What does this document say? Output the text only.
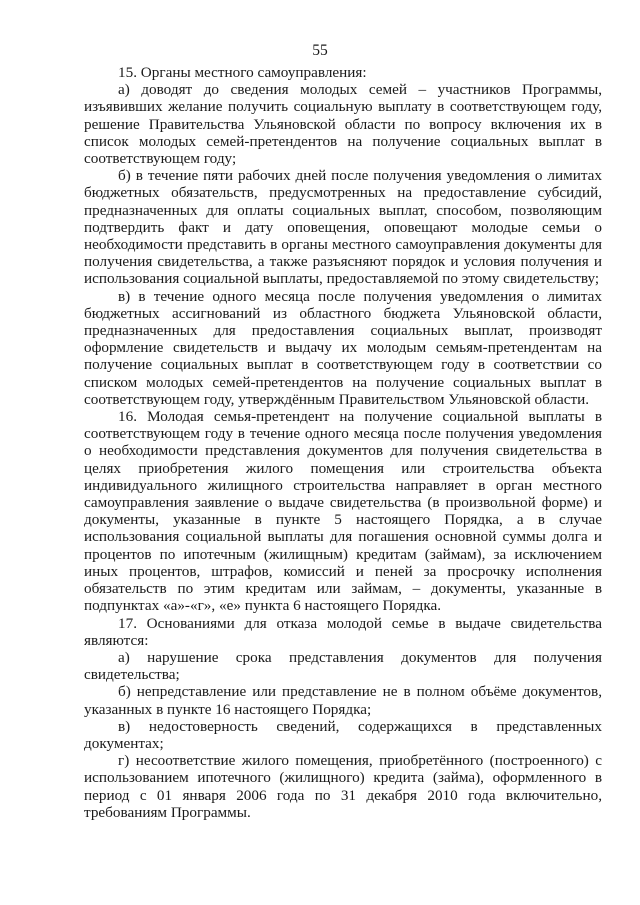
55

15. Органы местного самоуправления:

а) доводят до сведения молодых семей – участников Программы, изъявивших желание получить социальную выплату в соответствующем году, решение Правительства Ульяновской области по вопросу включения их в список молодых семей-претендентов на получение социальных выплат в соответствующем году;

б) в течение пяти рабочих дней после получения уведомления о лимитах бюджетных обязательств, предусмотренных на предоставление субсидий, предназначенных для оплаты социальных выплат, способом, позволяющим подтвердить факт и дату оповещения, оповещают молодые семьи о необходимости представить в органы местного самоуправления документы для получения свидетельства, а также разъясняют порядок и условия получения и использования социальной выплаты, предоставляемой по этому свидетельству;

в) в течение одного месяца после получения уведомления о лимитах бюджетных ассигнований из областного бюджета Ульяновской области, предназначенных для предоставления социальных выплат, производят оформление свидетельств и выдачу их молодым семьям-претендентам на получение социальных выплат в соответствующем году в соответствии со списком молодых семей-претендентов на получение социальных выплат в соответствующем году, утверждённым Правительством Ульяновской области.

16. Молодая семья-претендент на получение социальной выплаты в соответствующем году в течение одного месяца после получения уведомления о необходимости представления документов для получения свидетельства в целях приобретения жилого помещения или строительства объекта индивидуального жилищного строительства направляет в орган местного самоуправления заявление о выдаче свидетельства (в произвольной форме) и документы, указанные в пункте 5 настоящего Порядка, а в случае использования социальной выплаты для погашения основной суммы долга и процентов по ипотечным (жилищным) кредитам (займам), за исключением иных процентов, штрафов, комиссий и пеней за просрочку исполнения обязательств по этим кредитам или займам, – документы, указанные в подпунктах «а»-«г», «е» пункта 6 настоящего Порядка.

17. Основаниями для отказа молодой семье в выдаче свидетельства являются:

а) нарушение срока представления документов для получения свидетельства;

б) непредставление или представление не в полном объёме документов, указанных в пункте 16 настоящего Порядка;

в) недостоверность сведений, содержащихся в представленных документах;

г) несоответствие жилого помещения, приобретённого (построенного) с использованием ипотечного (жилищного) кредита (займа), оформленного в период с 01 января 2006 года по 31 декабря 2010 года включительно, требованиям Программы.
